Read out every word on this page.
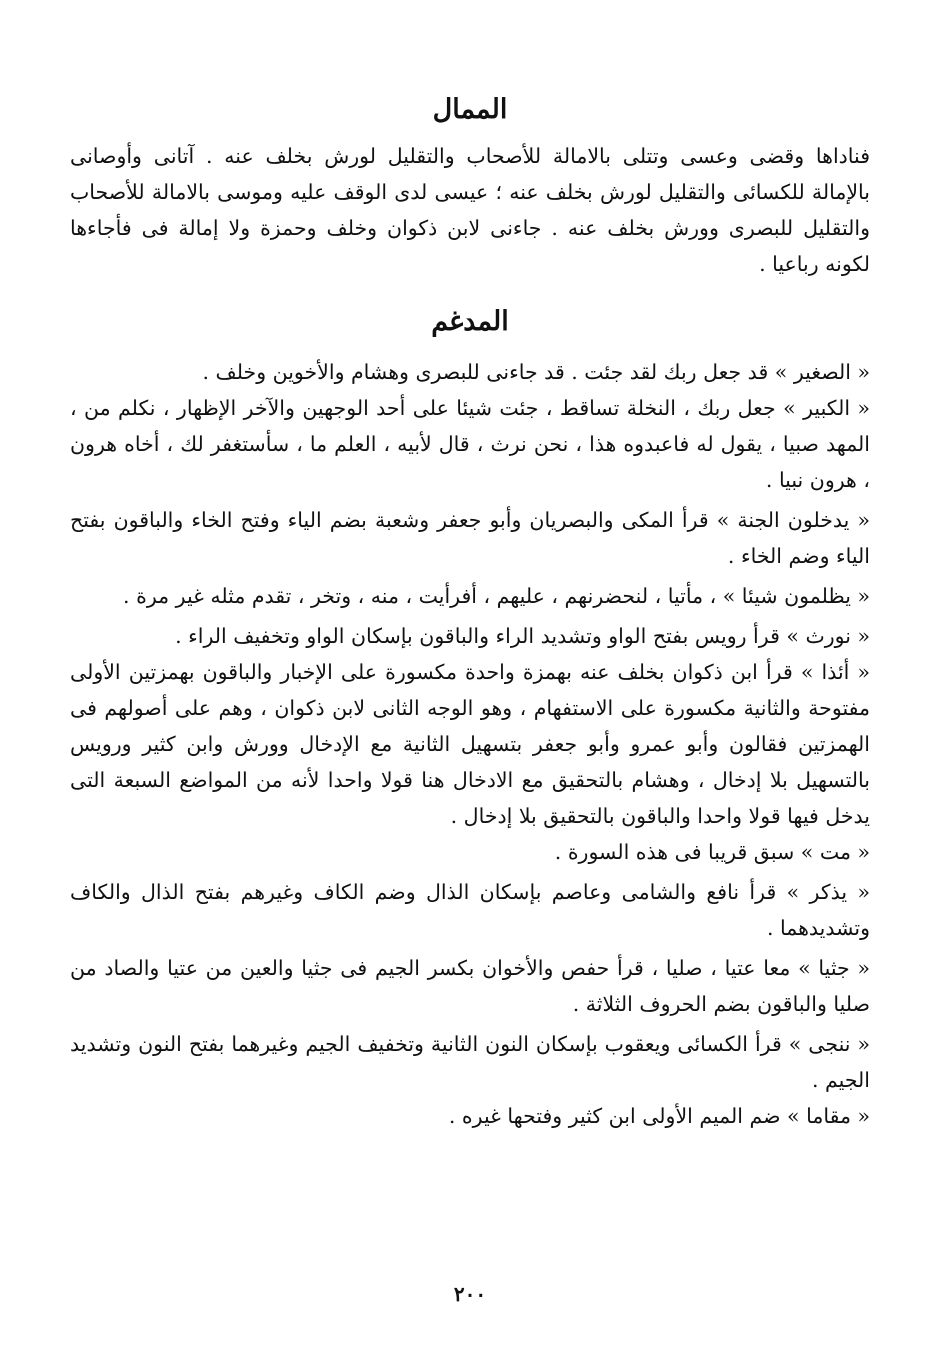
الممال

فناداها وقضى وعسى وتتلى بالامالة للأصحاب والتقليل لورش بخلف عنه . آتانى وأوصانى بالإمالة للكسائى والتقليل لورش بخلف عنه ؛ عيسى لدى الوقف عليه وموسى بالامالة للأصحاب والتقليل للبصرى وورش بخلف عنه . جاءنى لابن ذكوان وخلف وحمزة ولا إمالة فى فأجاءها لكونه رباعيا .

المدغم

« الصغير » قد جعل ربك لقد جئت . قد جاءنى للبصرى وهشام والأخوين وخلف .

« الكبير » جعل ربك ، النخلة تساقط ، جئت شيئا على أحد الوجهين والآخر الإظهار ، نكلم من ، المهد صبيا ، يقول له فاعبدوه هذا ، نحن نرث ، قال لأبيه ، العلم ما ، سأستغفر لك ، أخاه هرون ، هرون نبيا .

« يدخلون الجنة » قرأ المكى والبصريان وأبو جعفر وشعبة بضم الياء وفتح الخاء والباقون بفتح الياء وضم الخاء .

« يظلمون شيئا » ، مأتيا ، لنحضرنهم ، عليهم ، أفرأيت ، منه ، وتخر ، تقدم مثله غير مرة .

« نورث » قرأ رويس بفتح الواو وتشديد الراء والباقون بإسكان الواو وتخفيف الراء .

« أئذا » قرأ ابن ذكوان بخلف عنه بهمزة واحدة مكسورة على الإخبار والباقون بهمزتين الأولى مفتوحة والثانية مكسورة على الاستفهام ، وهو الوجه الثانى لابن ذكوان ، وهم على أصولهم فى الهمزتين فقالون وأبو عمرو وأبو جعفر بتسهيل الثانية مع الإدخال وورش وابن كثير ورويس بالتسهيل بلا إدخال ، وهشام بالتحقيق مع الادخال هنا قولا واحدا لأنه من المواضع السبعة التى يدخل فيها قولا واحدا والباقون بالتحقيق بلا إدخال .

« مت » سبق قريبا فى هذه السورة .

« يذكر » قرأ نافع والشامى وعاصم بإسكان الذال وضم الكاف وغيرهم بفتح الذال والكاف وتشديدهما .

« جثيا » معا عتيا ، صليا ، قرأ حفص والأخوان بكسر الجيم فى جثيا والعين من عتيا والصاد من صليا والباقون بضم الحروف الثلاثة .

« ننجى » قرأ الكسائى ويعقوب بإسكان النون الثانية وتخفيف الجيم وغيرهما بفتح النون وتشديد الجيم .

« مقاما » ضم الميم الأولى ابن كثير وفتحها غيره .

٢٠٠
